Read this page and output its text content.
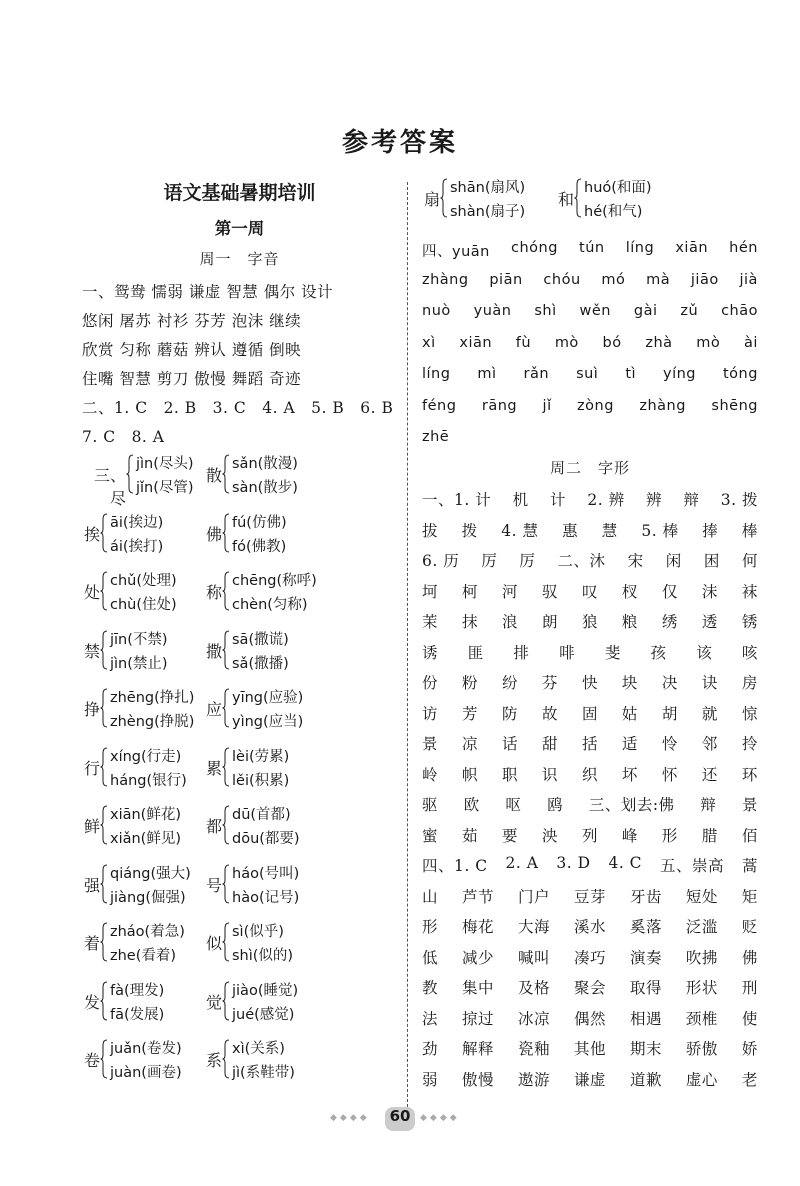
参考答案
语文基础暑期培训
第一周
周一　字音
一、鸳鸯 懦弱 谦虚 智慧 偶尔 设计
悠闲 屠苏 衬衫 芬芳 泡沫 继续
欣赏 匀称 蘑菇 辨认 遵循 倒映
住嘴 智慧 剪刀 傲慢 舞蹈 奇迹
二、1. C　2. B　3. C　4. A　5. B　6. B
7. C　8. A
三、尽
jìn(尽头)
jǐn(尽管)
散
sǎn(散漫)
sàn(散步)
挨
āi(挨边)
ái(挨打)
佛
fú(仿佛)
fó(佛教)
处
chǔ(处理)
chù(住处)
称
chēng(称呼)
chèn(匀称)
禁
jīn(不禁)
jìn(禁止)
撒
sā(撒谎)
sǎ(撒播)
挣
zhēng(挣扎)
zhèng(挣脱)
应
yīng(应验)
yìng(应当)
行
xíng(行走)
háng(银行)
累
lèi(劳累)
lěi(积累)
鲜
xiān(鲜花)
xiǎn(鲜见)
都
dū(首都)
dōu(都要)
强
qiáng(强大)
jiàng(倔强)
号
háo(号叫)
hào(记号)
着
zháo(着急)
zhe(看着)
似
sì(似乎)
shì(似的)
发
fà(理发)
fā(发展)
觉
jiào(睡觉)
jué(感觉)
卷
juǎn(卷发)
juàn(画卷)
系
xì(关系)
jì(系鞋带)
扇
shān(扇风)
shàn(扇子)
和
huó(和面)
hé(和气)
四、yuān chóng tún líng xiān hén
zhàng piān chóu mó mà jiāo jià
nuò yuàn shì wěn gài zǔ chāo
xì xiān fù mò bó zhà mò ài
líng mì rǎn suì tì yíng tóng
féng rāng jǐ zòng zhàng shēng
zhē
周二　字形
一、1. 计 机 计 2. 辨 辨 辩 3. 拨
拔 拨 4. 慧 惠 慧 5. 棒 捧 棒
6. 历 厉 厉 二、沐 宋 闲 困 何
坷 柯 河 驭 叹 杈 仅 沫 袜
茉 抹 浪 朗 狼 粮 绣 透 锈
诱 匪 排 啡 斐 孩 该 咳
份 粉 纷 芬 快 块 决 诀 房
访 芳 防 故 固 姑 胡 就 惊
景 凉 话 甜 括 适 怜 邻 拎
岭 帜 职 识 织 坏 怀 还 环
驱 欧 呕 鸥 三、划去:佛 辩 景
蜜 茹 要 泱 列 峰 形 腊 佰
四、1. C 2. A 3. D 4. C 五、崇高 蒿
山 芦节 门户 豆芽 牙齿 短处 矩
形 梅花 大海 溪水 奚落 泛滥 贬
低 减少 喊叫 凑巧 演奏 吹拂 佛
教 集中 及格 聚会 取得 形状 刑
法 掠过 冰凉 偶然 相遇 颈椎 使
劲 解释 瓷釉 其他 期末 骄傲 娇
弱 傲慢 遨游 谦虚 道歉 虚心 老
◆◆◆◆	60	◆◆◆◆
